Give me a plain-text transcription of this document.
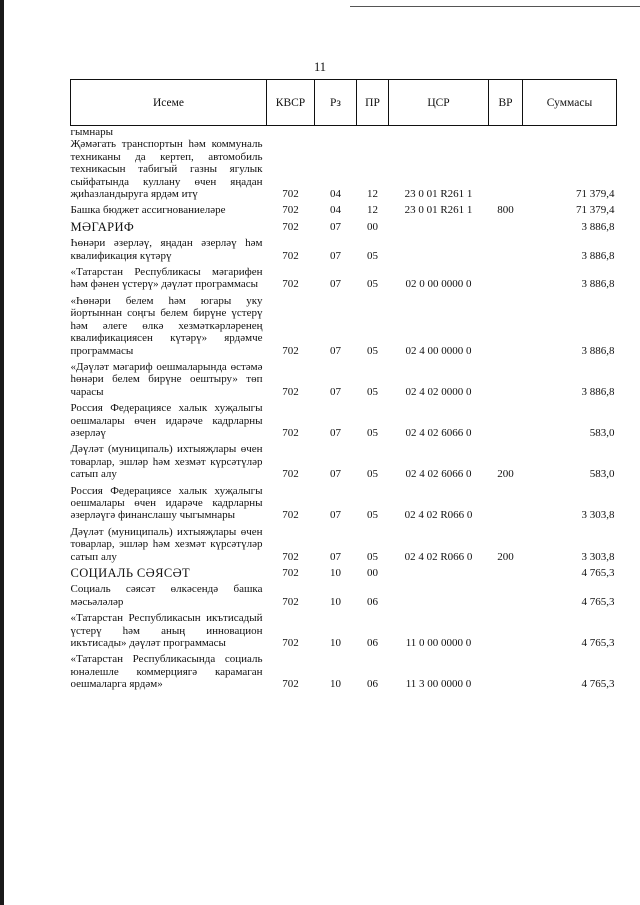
11
Исеме	КВСР	Рз	ПР	ЦСР	ВР	Суммасы
гымнары						
Җәмәгать транспортын һәм коммуналь техниканы да кертеп, автомобиль техникасын табигый газны ягулык сыйфатында куллану өчен яңадан җиһазландыруга ярдәм итү	702	04	12	23 0 01 R261 1		71 379,4

Башка бюджет ассигнованиеләре	702	04	12	23 0 01 R261 1	800	71 379,4

МӘГАРИФ	702	07	00			3 886,8

Һөнәри әзерләү, яңадан әзерләү һәм квалификация күтәрү	702	07	05			3 886,8

«Татарстан Республикасы мәгарифен һәм фәнен үстерү» дәүләт программасы	702	07	05	02 0 00 0000 0		3 886,8

«Һөнәри белем һәм югары уку йортыннан соңгы белем бирүне үстерү һәм әлеге өлкә хезмәткәрләренең квалификациясен күтәрү» ярдәмче программасы	702	07	05	02 4 00 0000 0		3 886,8

«Дәүләт мәгариф оешмаларында өстәмә һөнәри белем бирүне оештыру» төп чарасы	702	07	05	02 4 02 0000 0		3 886,8

Россия Федерациясе халык хуҗалыгы оешмалары өчен идарәче кадрларны әзерләү	702	07	05	02 4 02 6066 0		583,0

Дәүләт (муниципаль) ихтыяҗлары өчен товарлар, эшләр һәм хезмәт күрсәтүләр сатып алу	702	07	05	02 4 02 6066 0	200	583,0

Россия Федерациясе халык хуҗалыгы оешмалары өчен идарәче кадрларны әзерләүгә финанслашу чыгымнары	702	07	05	02 4 02 R066 0		3 303,8

Дәүләт (муниципаль) ихтыяҗлары өчен товарлар, эшләр һәм хезмәт күрсәтүләр сатып алу	702	07	05	02 4 02 R066 0	200	3 303,8

СОЦИАЛЬ СӘЯСӘТ	702	10	00			4 765,3

Социаль сәясәт өлкәсендә башка мәсьәләләр	702	10	06			4 765,3

«Татарстан Республикасын икътисадый үстерү һәм аның инновацион икътисады» дәүләт программасы	702	10	06	11 0 00 0000 0		4 765,3

«Татарстан Республикасында социаль юнәлешле коммерциягә карамаган оешмаларга ярдәм»	702	10	06	11 3 00 0000 0		4 765,3
